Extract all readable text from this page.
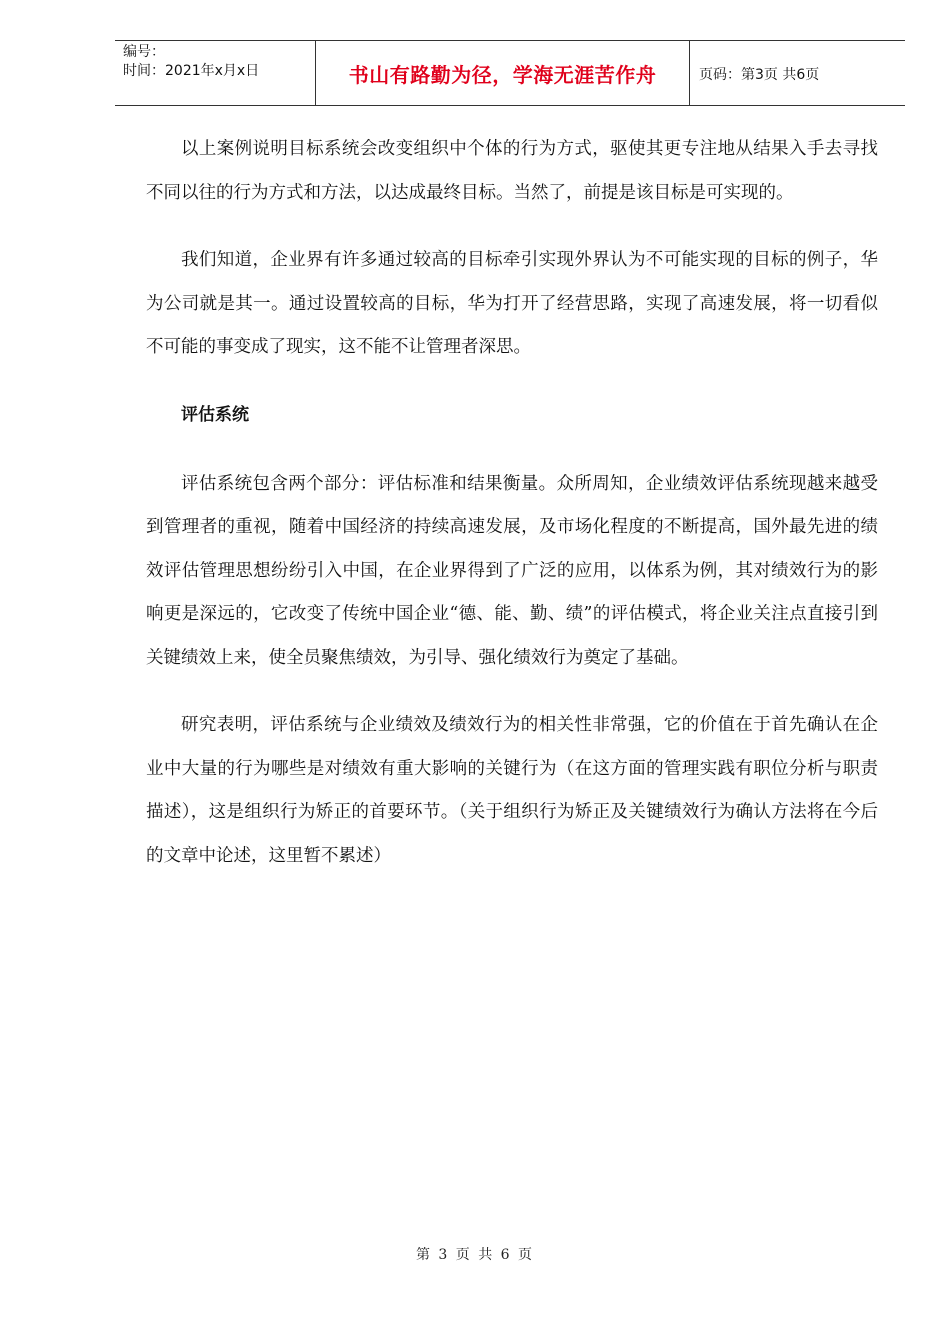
编号：
时间：2021年x月x日	书山有路勤为径，学海无涯苦作舟	页码：第3页 共6页

以上案例说明目标系统会改变组织中个体的行为方式，驱使其更专注地从结果入手去寻找不同以往的行为方式和方法，以达成最终目标。当然了，前提是该目标是可实现的。

我们知道，企业界有许多通过较高的目标牵引实现外界认为不可能实现的目标的例子，华为公司就是其一。通过设置较高的目标，华为打开了经营思路，实现了高速发展，将一切看似不可能的事变成了现实，这不能不让管理者深思。

评估系统

评估系统包含两个部分：评估标准和结果衡量。众所周知，企业绩效评估系统现越来越受到管理者的重视，随着中国经济的持续高速发展，及市场化程度的不断提高，国外最先进的绩效评估管理思想纷纷引入中国，在企业界得到了广泛的应用，以体系为例，其对绩效行为的影响更是深远的，它改变了传统中国企业“德、能、勤、绩”的评估模式，将企业关注点直接引到关键绩效上来，使全员聚焦绩效，为引导、强化绩效行为奠定了基础。

研究表明，评估系统与企业绩效及绩效行为的相关性非常强，它的价值在于首先确认在企业中大量的行为哪些是对绩效有重大影响的关键行为（在这方面的管理实践有职位分析与职责描述），这是组织行为矫正的首要环节。（关于组织行为矫正及关键绩效行为确认方法将在今后的文章中论述，这里暂不累述）

第 3 页 共 6 页
